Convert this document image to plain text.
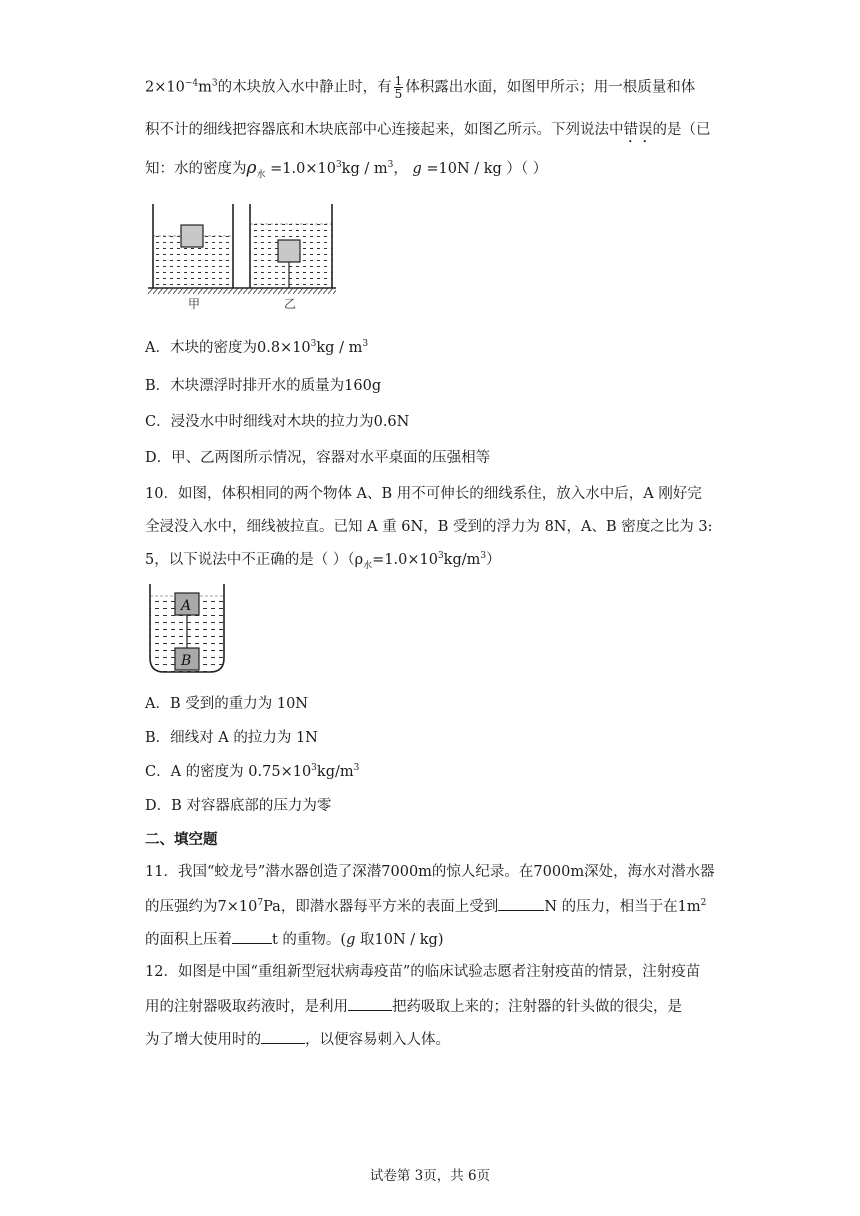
$2\times 10^{-4}m^3$的木块放入水中静止时，有 $\frac{1}{5}$ 体积露出水面，如图甲所示；用一根质量和体
积不计的细线把容器底和木块底部中心连接起来，如图乙所示。下列说法中错误的是（已
知：水的密度为$\rho_水 =1.0\times 10^3kg / m^3$， g =10N / kg ）（ ）
甲	乙
A．木块的密度为$0.8\times 10^3kg / m^3$
B．木块漂浮时排开水的质量为160g
C．浸没水中时细线对木块的拉力为0.6N
D．甲、乙两图所示情况，容器对水平桌面的压强相等
10．如图，体积相同的两个物体 A、B 用不可伸长的细线系住，放入水中后，A 刚好完
全浸没入水中，细线被拉直。已知 A 重 6N，B 受到的浮力为 8N，A、B 密度之比为 3:
5，以下说法中不正确的是（ ）$(\rho_水=1.0\times 10^3kg/m^3)$
A
B
A．B 受到的重力为 10N
B．细线对 A 的拉力为 1N
C．A 的密度为 $0.75\times 10^3kg/m^3$
D．B 对容器底部的压力为零
二、填空题
11．我国“蛟龙号”潜水器创造了深潜7000m的惊人纪录。在7000m深处，海水对潜水器
的压强约为$7\times 10^7Pa$，即潜水器每平方米的表面上受到	N 的压力，相当于在$1m^2$
的面积上压着	t 的重物。(g 取10N / kg)
12．如图是中国“重组新型冠状病毒疫苗”的临床试验志愿者注射疫苗的情景，注射疫苗
用的注射器吸取药液时，是利用	把药吸取上来的；注射器的针头做的很尖，是
为了增大使用时的	，以便容易刺入人体。
试卷第 3页，共 6页
